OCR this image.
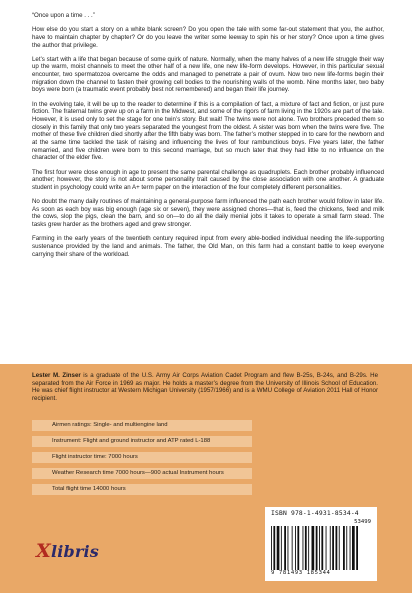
“Once upon a time . . .”

How else do you start a story on a white blank screen? Do you open the tale with some far-out statement that you, the author, have to maintain chapter by chapter? Or do you leave the writer some leeway to spin his or her story? Once upon a time gives the author that privilege.

Let’s start with a life that began because of some quirk of nature. Normally, when the many halves of a new life struggle their way up the warm, moist channels to meet the other half of a new life, one new life-form develops. However, in this particular sexual encounter, two spermatozoa overcame the odds and managed to penetrate a pair of ovum. Now two new life-forms begin their migration down the channel to fasten their growing cell bodies to the nourishing walls of the womb. Nine months later, two baby boys were born (a traumatic event probably best not remembered) and began their life journey.

In the evolving tale, it will be up to the reader to determine if this is a compilation of fact, a mixture of fact and fiction, or just pure fiction. The fraternal twins grew up on a farm in the Midwest, and some of the rigors of farm living in the 1920s are part of the tale. However, it is used only to set the stage for one twin’s story. But wait! The twins were not alone. Two brothers preceded them so closely in this family that only two years separated the youngest from the oldest. A sister was born when the twins were five. The mother of these five children died shortly after the fifth baby was born. The father’s mother stepped in to care for the newborn and at the same time tackled the task of raising and influencing the lives of four rambunctious boys. Five years later, the father remarried, and five children were born to this second marriage, but so much later that they had little to no influence on the character of the elder five.

The first four were close enough in age to present the same parental challenge as quadruplets. Each brother probably influenced another; however, the story is not about some personality trait caused by the close association with one another. A graduate student in psychology could write an A+ term paper on the interaction of the four completely different personalities.

No doubt the many daily routines of maintaining a general-purpose farm influenced the path each brother would follow in later life. As soon as each boy was big enough (age six or seven), they were assigned chores—that is, feed the chickens, feed and milk the cows, slop the pigs, clean the barn, and so on—to do all the daily menial jobs it takes to operate a small farm stead. The tasks grew harder as the brothers aged and grew stronger.

Farming in the early years of the twentieth century required input from every able-bodied individual needing the life-supporting sustenance provided by the land and animals. The father, the Old Man, on this farm had a constant battle to keep everyone carrying their share of the workload.

Lester M. Zinser is a graduate of the U.S. Army Air Corps Aviation Cadet Program and flew B-25s, B-24s, and B-29s. He separated from the Air Force in 1969 as major. He holds a master’s degree from the University of Illinois School of Education. He was chief flight instructor at Western Michigan University (1957/1966) and is a WMU College of Aviation 2011 Hall of Honor recipient.

Airmen ratings: Single- and multiengine land
Instrument: Flight and ground instructor and ATP rated L-188
Flight instructor time: 7000 hours
Weather Research time 7000 hours—900 actual Instrument hours
Total flight time 14000 hours
Xlibris
ISBN 978-1-4931-8534-4
53499
9 781493 185344
